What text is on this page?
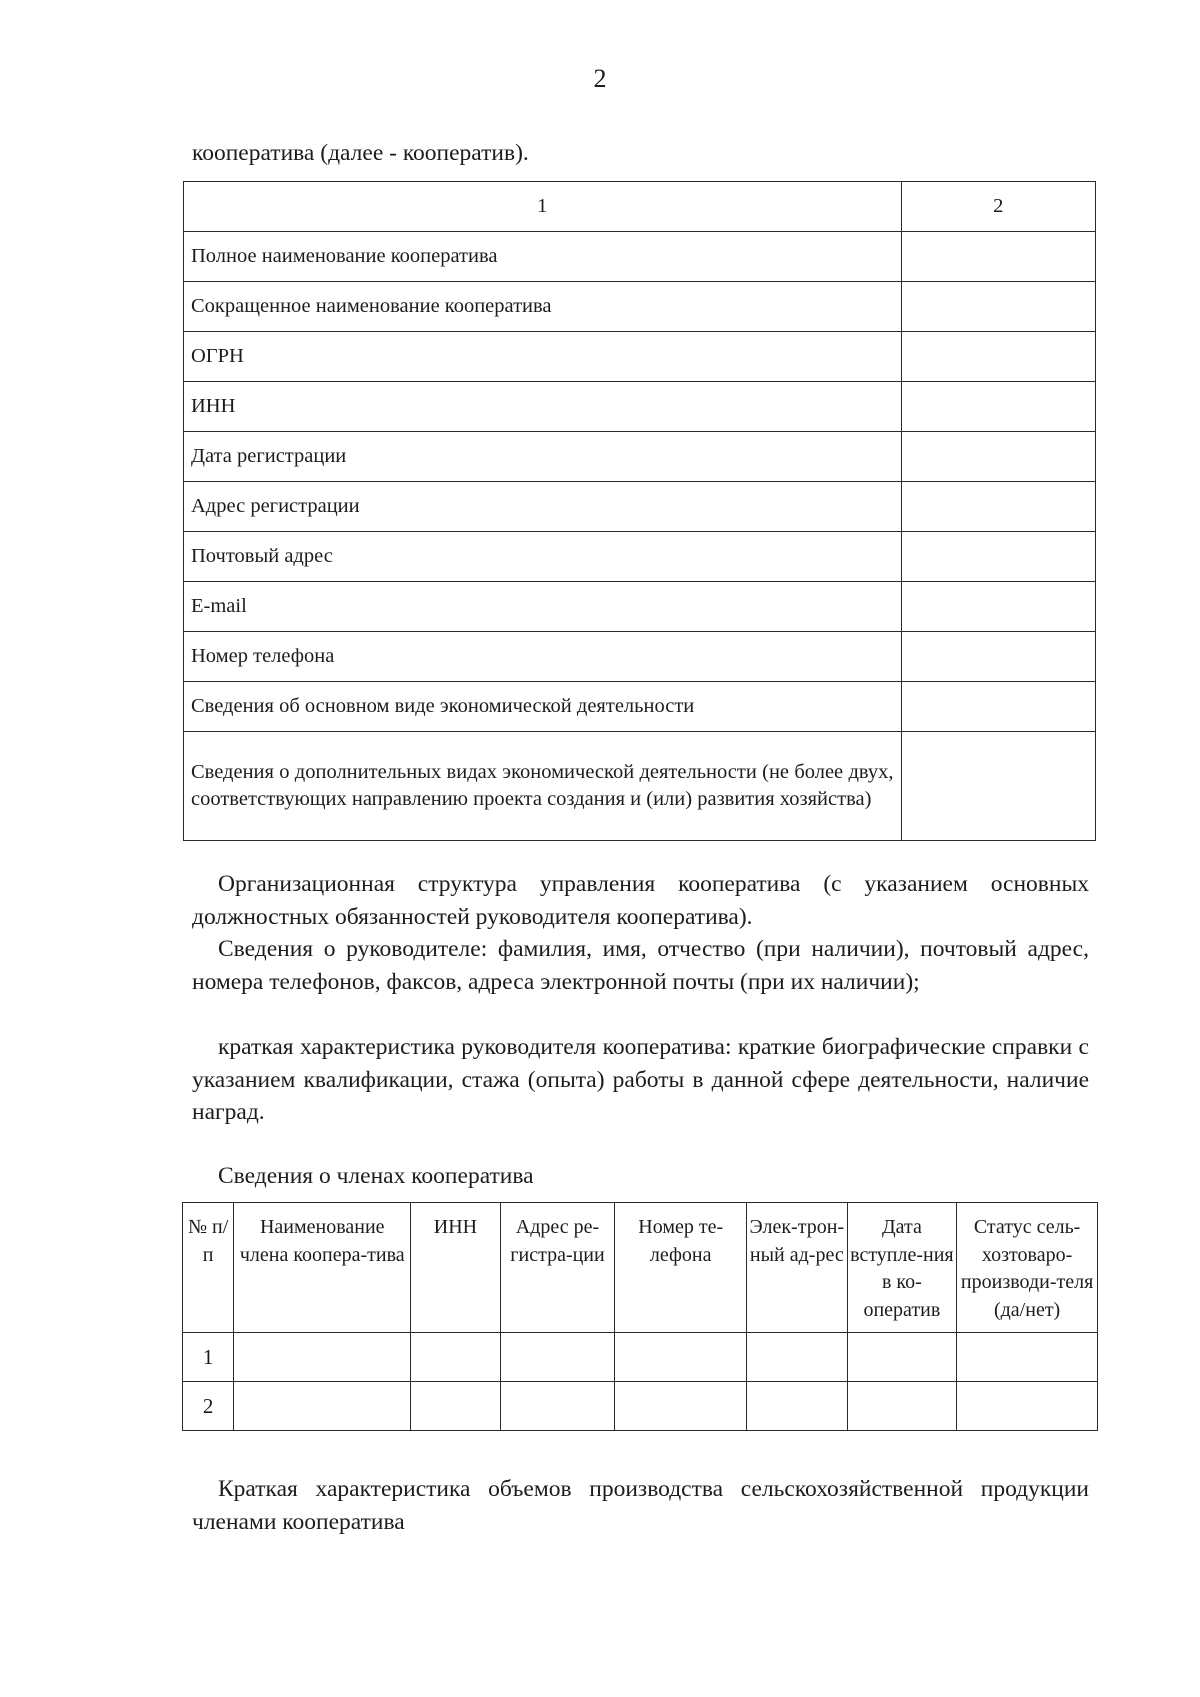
2
кооператива (далее - кооператив).
1	2
Полное наименование кооператива	
Сокращенное наименование кооператива	
ОГРН	
ИНН	
Дата регистрации	
Адрес регистрации	
Почтовый адрес	
E-mail	
Номер телефона	
Сведения об основном виде экономической деятельности	
Сведения о дополнительных видах экономической деятельности (не более двух, соответствующих направлению проекта создания и (или) развития хозяйства)	

Организационная структура управления кооператива (с указанием основных должностных обязанностей руководителя кооператива).

Сведения о руководителе: фамилия, имя, отчество (при наличии), почтовый адрес, номера телефонов, факсов, адреса электронной почты (при их наличии);

краткая характеристика руководителя кооператива: краткие биографические справки с указанием квалификации, стажа (опыта) работы в данной сфере деятельности, наличие наград.

Сведения о членах кооператива
№ п/п	Наименование члена коопера-тива	ИНН	Адрес ре-гистра-ции	Номер те-лефона	Элек-трон-ный ад-рес	Дата вступле-ния в ко-оператив	Статус сель-хозтоваро-производи-теля (да/нет)
1							
2							

Краткая характеристика объемов производства сельскохозяйственной продукции членами кооператива
